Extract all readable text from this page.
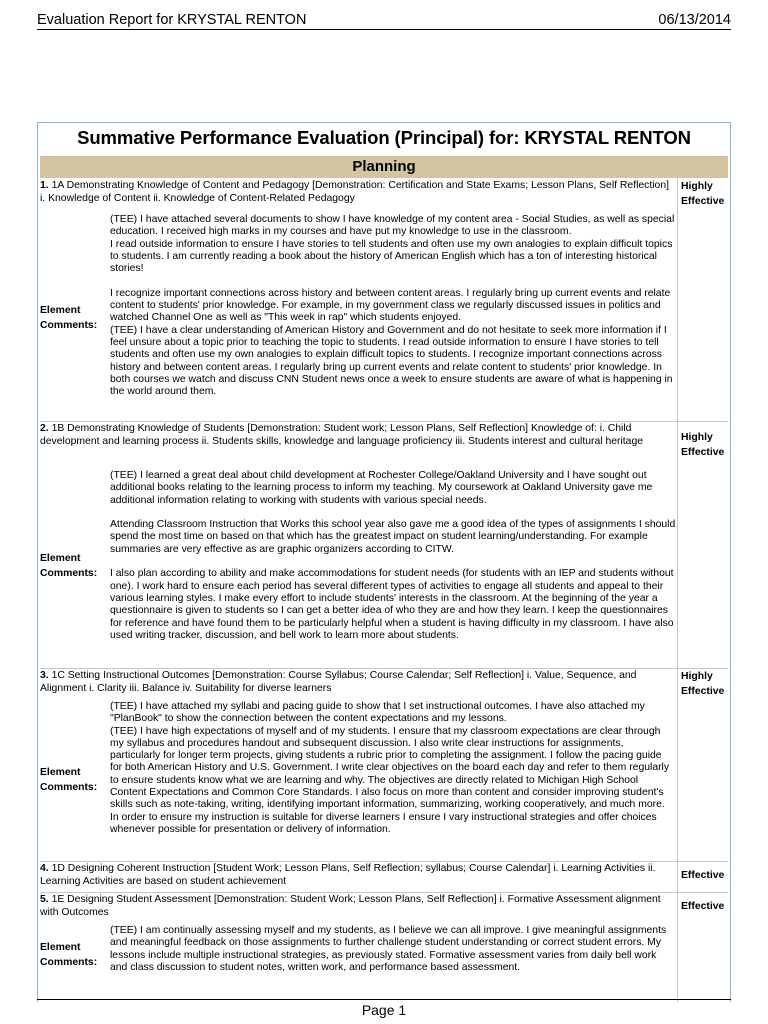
Evaluation Report for KRYSTAL RENTON	06/13/2014
Summative Performance Evaluation (Principal) for: KRYSTAL RENTON
Planning
1. 1A Demonstrating Knowledge of Content and Pedagogy [Demonstration: Certification and State Exams; Lesson Plans, Self Reflection] i. Knowledge of Content ii. Knowledge of Content-Related Pedagogy
Highly Effective
Element Comments:
(TEE) I have attached several documents to show I have knowledge of my content area - Social Studies, as well as special education. I received high marks in my courses and have put my knowledge to use in the classroom.
I read outside information to ensure I have stories to tell students and often use my own analogies to explain difficult topics to students. I am currently reading a book about the history of American English which has a ton of interesting historical stories!

I recognize important connections across history and between content areas. I regularly bring up current events and relate content to students' prior knowledge. For example, in my government class we regularly discussed issues in politics and watched Channel One as well as "This week in rap" which students enjoyed.
(TEE) I have a clear understanding of American History and Government and do not hesitate to seek more information if I feel unsure about a topic prior to teaching the topic to students. I read outside information to ensure I have stories to tell students and often use my own analogies to explain difficult topics to students. I recognize important connections across history and between content areas. I regularly bring up current events and relate content to students' prior knowledge. In both courses we watch and discuss CNN Student news once a week to ensure students are aware of what is happening in the world around them.
2. 1B Demonstrating Knowledge of Students [Demonstration: Student work; Lesson Plans, Self Reflection] Knowledge of: i. Child development and learning process ii. Students skills, knowledge and language proficiency iii. Students interest and cultural heritage	Highly Effective
Element Comments:
(TEE) I learned a great deal about child development at Rochester College/Oakland University and I have sought out additional books relating to the learning process to inform my teaching. My coursework at Oakland University gave me additional information relating to working with students with various special needs.

Attending Classroom Instruction that Works this school year also gave me a good idea of the types of assignments I should spend the most time on based on that which has the greatest impact on student learning/understanding. For example summaries are very effective as are graphic organizers according to CITW.

I also plan according to ability and make accommodations for student needs (for students with an IEP and students without one). I work hard to ensure each period has several different types of activities to engage all students and appeal to their various learning styles. I make every effort to include students' interests in the classroom. At the beginning of the year a questionnaire is given to students so I can get a better idea of who they are and how they learn. I keep the questionnaires for reference and have found them to be particularly helpful when a student is having difficulty in my classroom. I have also used writing tracker, discussion, and bell work to learn more about students.
3. 1C Setting Instructional Outcomes [Demonstration: Course Syllabus; Course Calendar; Self Reflection] i. Value, Sequence, and Alignment i. Clarity iii. Balance iv. Suitability for diverse learners
Highly Effective
Element Comments:
(TEE) I have attached my syllabi and pacing guide to show that I set instructional outcomes. I have also attached my "PlanBook" to show the connection between the content expectations and my lessons.
(TEE) I have high expectations of myself and of my students. I ensure that my classroom expectations are clear through my syllabus and procedures handout and subsequent discussion. I also write clear instructions for assignments, particularly for longer term projects, giving students a rubric prior to completing the assignment. I follow the pacing guide for both American History and U.S. Government. I write clear objectives on the board each day and refer to them regularly to ensure students know what we are learning and why. The objectives are directly related to Michigan High School Content Expectations and Common Core Standards. I also focus on more than content and consider improving student's skills such as note-taking, writing, identifying important information, summarizing, working cooperatively, and much more. In order to ensure my instruction is suitable for diverse learners I ensure I vary instructional strategies and offer choices whenever possible for presentation or delivery of information.
4. 1D Designing Coherent Instruction [Student Work; Lesson Plans, Self Reflection; syllabus; Course Calendar] i. Learning Activities ii. Learning Activities are based on student achievement
Effective
5. 1E Designing Student Assessment [Demonstration: Student Work; Lesson Plans, Self Reflection] i. Formative Assessment alignment with Outcomes
Effective
Element Comments:
(TEE) I am continually assessing myself and my students, as I believe we can all improve. I give meaningful assignments and meaningful feedback on those assignments to further challenge student understanding or correct student errors. My lessons include multiple instructional strategies, as previously stated. Formative assessment varies from daily bell work and class discussion to student notes, written work, and performance based assessment.
Page 1
